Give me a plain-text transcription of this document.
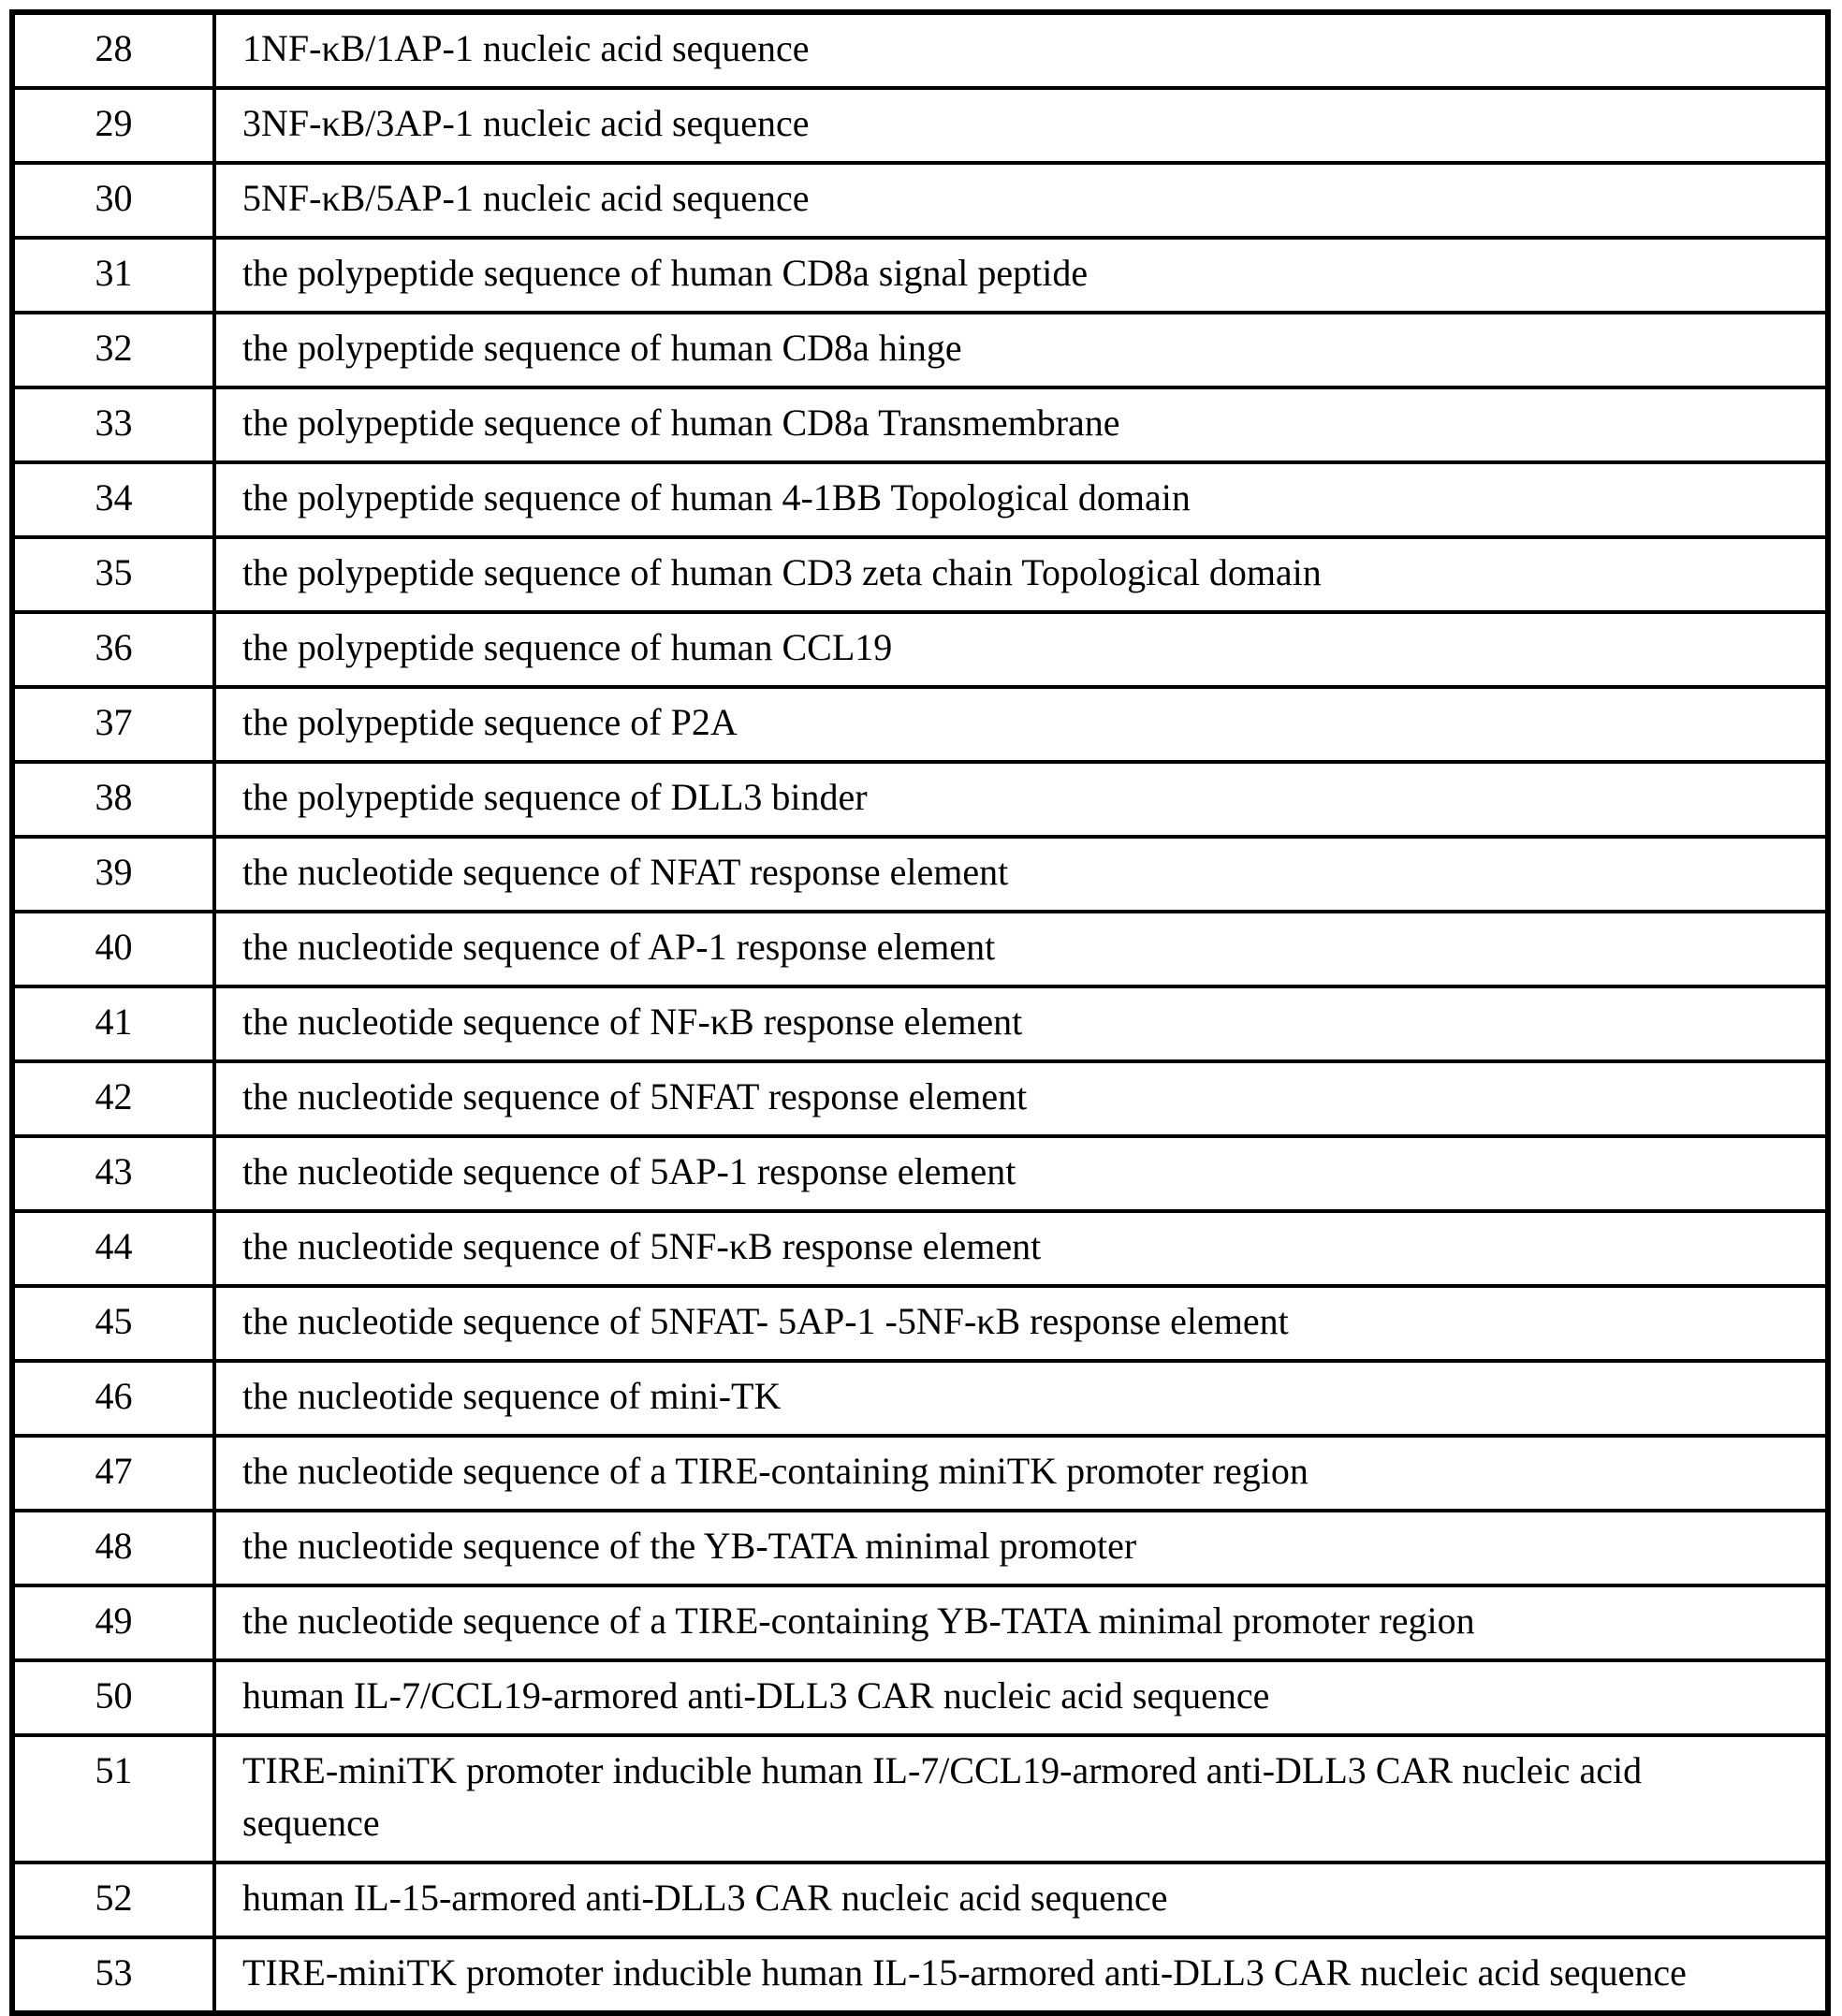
28	1NF-κB/1AP-1 nucleic acid sequence
29	3NF-κB/3AP-1 nucleic acid sequence
30	5NF-κB/5AP-1 nucleic acid sequence
31	the polypeptide sequence of human CD8a signal peptide
32	the polypeptide sequence of human CD8a hinge
33	the polypeptide sequence of human CD8a Transmembrane
34	the polypeptide sequence of human 4-1BB Topological domain
35	the polypeptide sequence of human CD3 zeta chain Topological domain
36	the polypeptide sequence of human CCL19
37	the polypeptide sequence of P2A
38	the polypeptide sequence of DLL3 binder
39	the nucleotide sequence of NFAT response element
40	the nucleotide sequence of AP-1 response element
41	the nucleotide sequence of NF-κB response element
42	the nucleotide sequence of 5NFAT response element
43	the nucleotide sequence of 5AP-1 response element
44	the nucleotide sequence of 5NF-κB response element
45	the nucleotide sequence of 5NFAT- 5AP-1 -5NF-κB response element
46	the nucleotide sequence of mini-TK
47	the nucleotide sequence of a TIRE-containing miniTK promoter region
48	the nucleotide sequence of the YB-TATA minimal promoter
49	the nucleotide sequence of a TIRE-containing YB-TATA minimal promoter region
50	human IL-7/CCL19-armored anti-DLL3 CAR nucleic acid sequence
51	TIRE-miniTK promoter inducible human IL-7/CCL19-armored anti-DLL3 CAR nucleic acid sequence
52	human IL-15-armored anti-DLL3 CAR nucleic acid sequence
53	TIRE-miniTK promoter inducible human IL-15-armored anti-DLL3 CAR nucleic acid sequence
